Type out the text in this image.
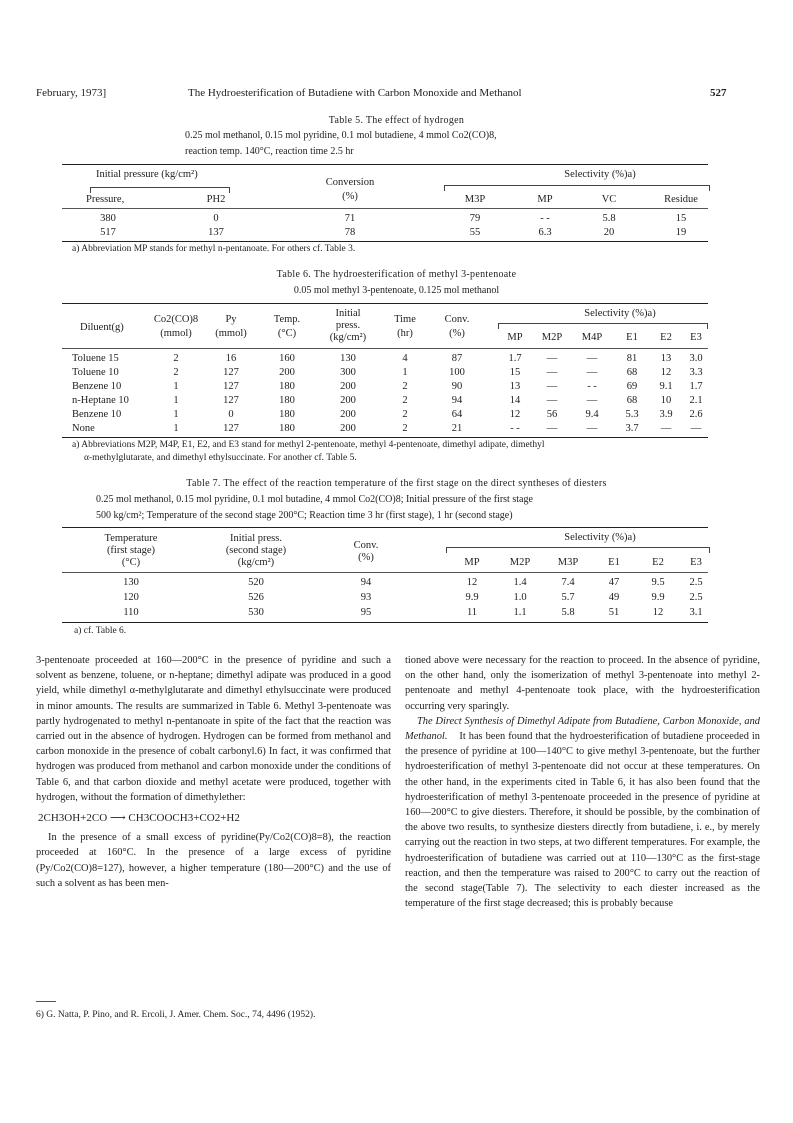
February, 1973]	The Hydroesterification of Butadiene with Carbon Monoxide and Methanol	527
Table 5. The effect of hydrogen
0.25 mol methanol, 0.15 mol pyridine, 0.1 mol butadiene, 4 mmol Co2(CO)8,
reaction temp. 140°C, reaction time 2.5 hr
Initial pressure (kg/cm²)
Conversion
(%)
Selectivity (%)a)
Pressure,	PH2	M3P	MP	VC	Residue
380	0	71	79	- -	5.8	15
517	137	78	55	6.3	20	19
a) Abbreviation MP stands for methyl n-pentanoate. For others cf. Table 3.
Table 6. The hydroesterification of methyl 3-pentenoate
0.05 mol methyl 3-pentenoate, 0.125 mol methanol
Diluent(g)
Co2(CO)8
(mmol)
Py
(mmol)
Temp.
(°C)
Initial
press.
(kg/cm²)
Time
(hr)
Conv.
(%)
Selectivity (%)a)
MP	M2P	M4P	E1	E2	E3
Toluene 15	2	16	160	130	4	87	1.7	—	—	81	13	3.0
Toluene 10	2	127	200	300	1	100	15	—	—	68	12	3.3
Benzene 10	1	127	180	200	2	90	13	—	- -	69	9.1	1.7
n-Heptane 10	1	127	180	200	2	94	14	—	—	68	10	2.1
Benzene 10	1	0	180	200	2	64	12	56	9.4	5.3	3.9	2.6
None	1	127	180	200	2	21	- -	—	—	3.7	—	—
a) Abbreviations M2P, M4P, E1, E2, and E3 stand for methyl 2-pentenoate, methyl 4-pentenoate, dimethyl adipate, dimethyl
α-methylglutarate, and dimethyl ethylsuccinate. For another cf. Table 5.
Table 7. The effect of the reaction temperature of the first stage on the direct syntheses of diesters
0.25 mol methanol, 0.15 mol pyridine, 0.1 mol butadine, 4 mmol Co2(CO)8; Initial pressure of the first stage
500 kg/cm²; Temperature of the second stage 200°C; Reaction time 3 hr (first stage), 1 hr (second stage)
Temperature
(first stage)
(°C)
Initial press.
(second stage)
(kg/cm²)
Conv.
(%)
Selectivity (%)a)
MP	M2P	M3P	E1	E2	E3
130	520	94	12	1.4	7.4	47	9.5	2.5
120	526	93	9.9	1.0	5.7	49	9.9	2.5
110	530	95	11	1.1	5.8	51	12	3.1
a) cf. Table 6.

3-pentenoate proceeded at 160—200°C in the presence of pyridine and such a solvent as benzene, toluene, or n-heptane; dimethyl adipate was produced in a good yield, while dimethyl α-methylglutarate and dimethyl ethylsuccinate were produced in minor amounts. The results are summarized in Table 6. Methyl 3-pentenoate was partly hydrogenated to methyl n-pentanoate in spite of the fact that the reaction was carried out in the absence of hydrogen. Hydrogen can be formed from methanol and carbon monoxide in the presence of cobalt carbonyl.6) In fact, it was confirmed that hydrogen was produced from methanol and carbon monoxide under the conditions of Table 6, and that carbon dioxide and methyl acetate were produced, together with hydrogen, without the formation of dimethylether:

2CH3OH+2CO ⟶ CH3COOCH3+CO2+H2

In the presence of a small excess of pyridine(Py/Co2(CO)8=8), the reaction proceeded at 160°C. In the presence of a large excess of pyridine (Py/Co2(CO)8=127), however, a higher temperature (180—200°C) and the use of such a solvent as has been men-

6) G. Natta, P. Pino, and R. Ercoli, J. Amer. Chem. Soc., 74, 4496 (1952).

tioned above were necessary for the reaction to proceed. In the absence of pyridine, on the other hand, only the isomerization of methyl 3-pentenoate into methyl 2-pentenoate and methyl 4-pentenoate took place, with the hydroesterification occurring very sparingly.

The Direct Synthesis of Dimethyl Adipate from Butadiene, Carbon Monoxide, and Methanol. It has been found that the hydroesterification of butadiene proceeded in the presence of pyridine at 100—140°C to give methyl 3-pentenoate, but the further hydroesterification of methyl 3-pentenoate did not occur at these temperatures. On the other hand, in the experiments cited in Table 6, it has also been found that the hydroesterification of methyl 3-pentenoate proceeded in the presence of pyridine at 160—200°C to give diesters. Therefore, it should be possible, by the combination of the above two results, to synthesize diesters directly from butadiene, i. e., by merely carrying out the reaction in two steps, at two different temperatures. For example, the hydroesterification of butadiene was carried out at 110—130°C as the first-stage reaction, and then the temperature was raised to 200°C to carry out the reaction of the second stage(Table 7). The selectivity to each diester increased as the temperature of the first stage decreased; this is probably because
